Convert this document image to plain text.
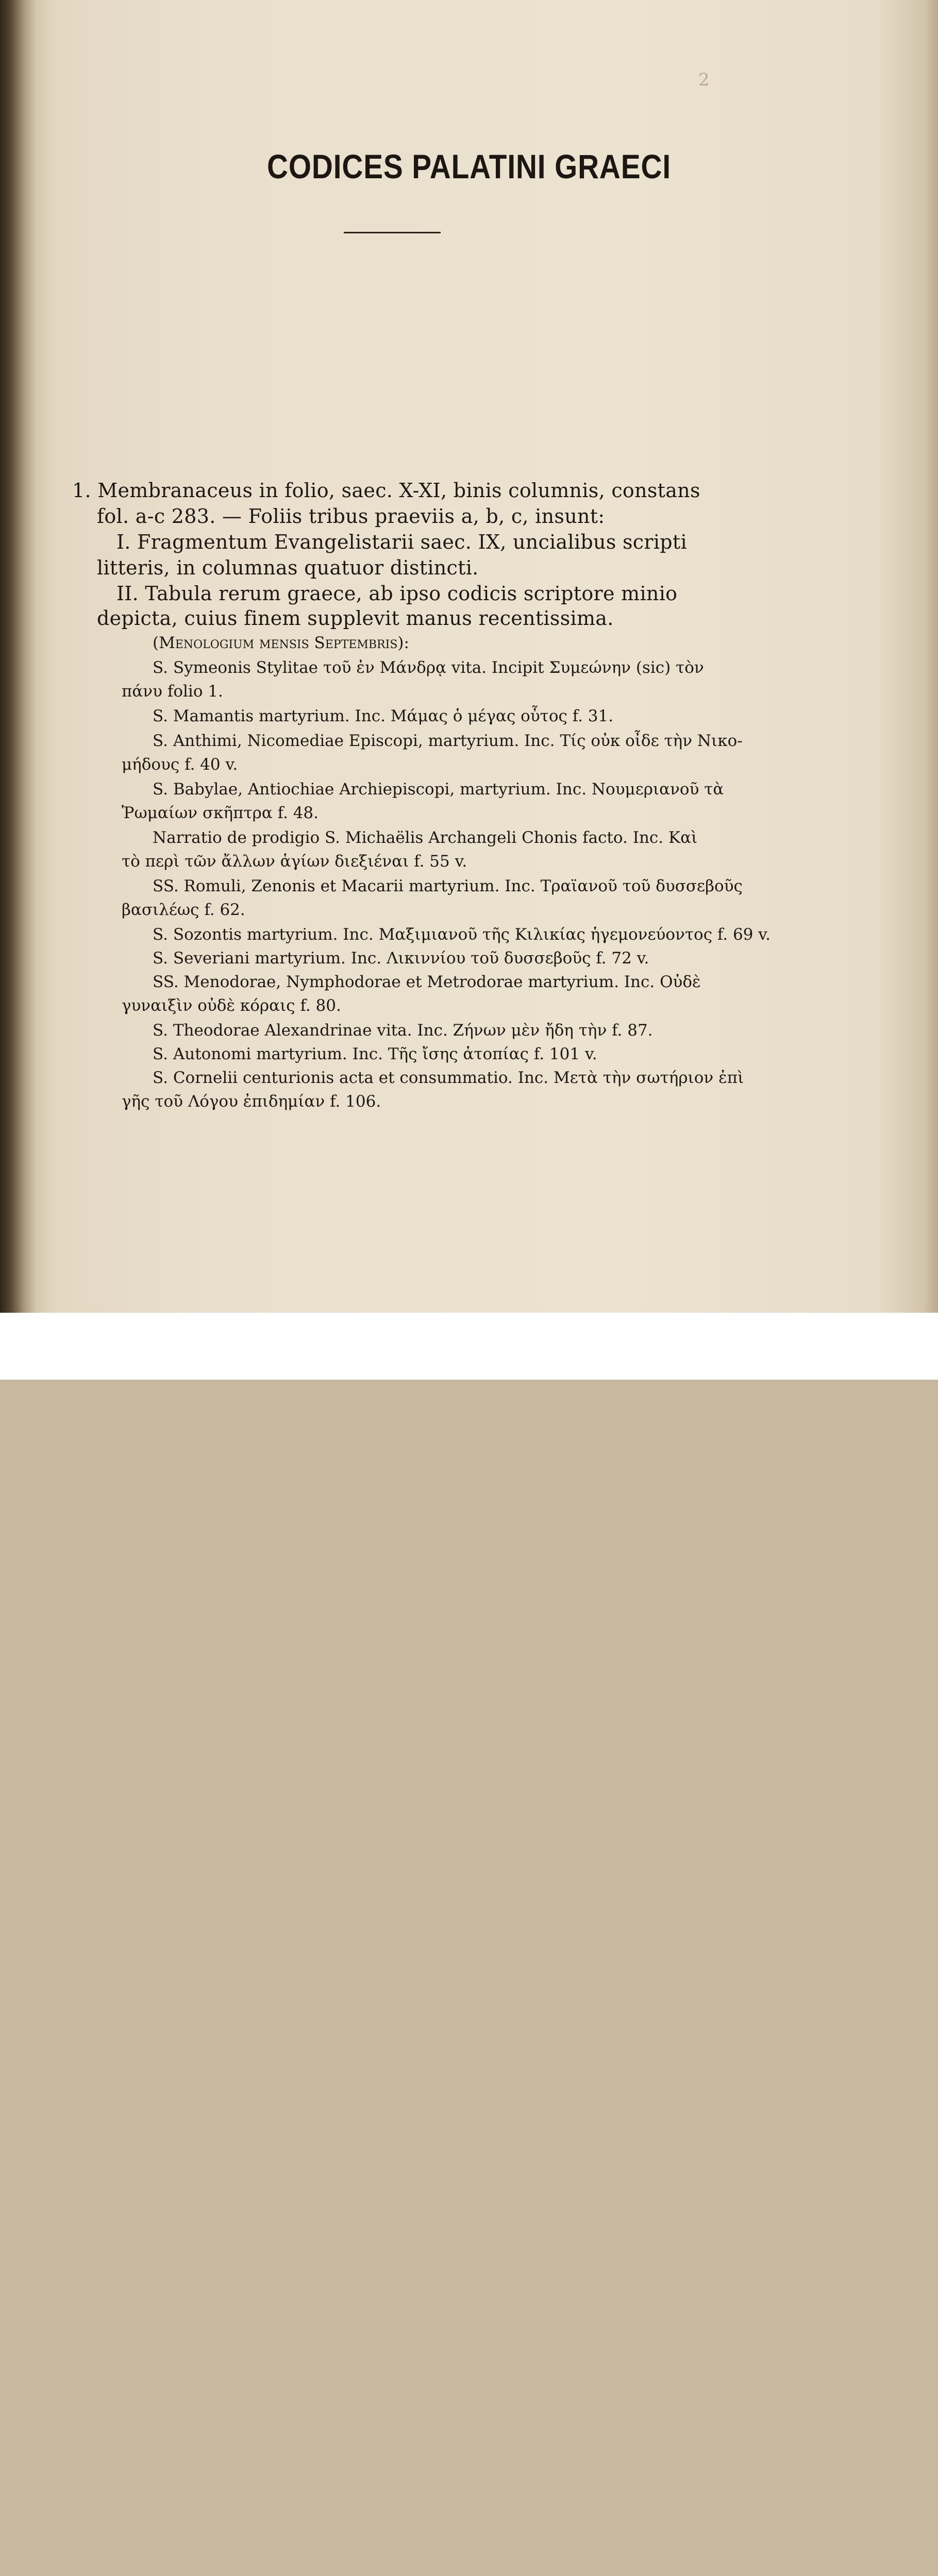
2
CODICES PALATINI GRAECI
1. Membranaceus in folio, saec. X-XI, binis columnis, constans
fol. a-c 283. — Foliis tribus praeviis a, b, c, insunt:
I. Fragmentum Evangelistarii saec. IX, uncialibus scripti
litteris, in columnas quatuor distincti.
II. Tabula rerum graece, ab ipso codicis scriptore minio
depicta, cuius finem supplevit manus recentissima.
(Menologium mensis Septembris):
S. Symeonis Stylitae τοῦ ἐν Μάνδρᾳ vita. Incipit Συμεώνην (sic) τὸν
πάνυ folio 1.
S. Mamantis martyrium. Inc. Μάμας ὁ μέγας οὗτος f. 31.
S. Anthimi, Nicomediae Episcopi, martyrium. Inc. Τίς οὐκ οἶδε τὴν Νικο-
μήδους f. 40 v.
S. Babylae, Antiochiae Archiepiscopi, martyrium. Inc. Νουμεριανοῦ τὰ
Ῥωμαίων σκῆπτρα f. 48.
Narratio de prodigio S. Michaëlis Archangeli Chonis facto. Inc. Καὶ
τὸ περὶ τῶν ἄλλων ἁγίων διεξιέναι f. 55 v.
SS. Romuli, Zenonis et Macarii martyrium. Inc. Τραϊανοῦ τοῦ δυσσεβοῦς
βασιλέως f. 62.
S. Sozontis martyrium. Inc. Μαξιμιανοῦ τῆς Κιλικίας ἡγεμονεύοντος f. 69 v.
S. Severiani martyrium. Inc. Λικιννίου τοῦ δυσσεβοῦς f. 72 v.
SS. Menodorae, Nymphodorae et Metrodorae martyrium. Inc. Οὐδὲ
γυναιξὶν οὐδὲ κόραις f. 80.
S. Theodorae Alexandrinae vita. Inc. Ζήνων μὲν ἤδη τὴν f. 87.
S. Autonomi martyrium. Inc. Τῆς ἴσης ἀτοπίας f. 101 v.
S. Cornelii centurionis acta et consummatio. Inc. Μετὰ τὴν σωτήριον ἐπὶ
γῆς τοῦ Λόγου ἐπιδημίαν f. 106.
